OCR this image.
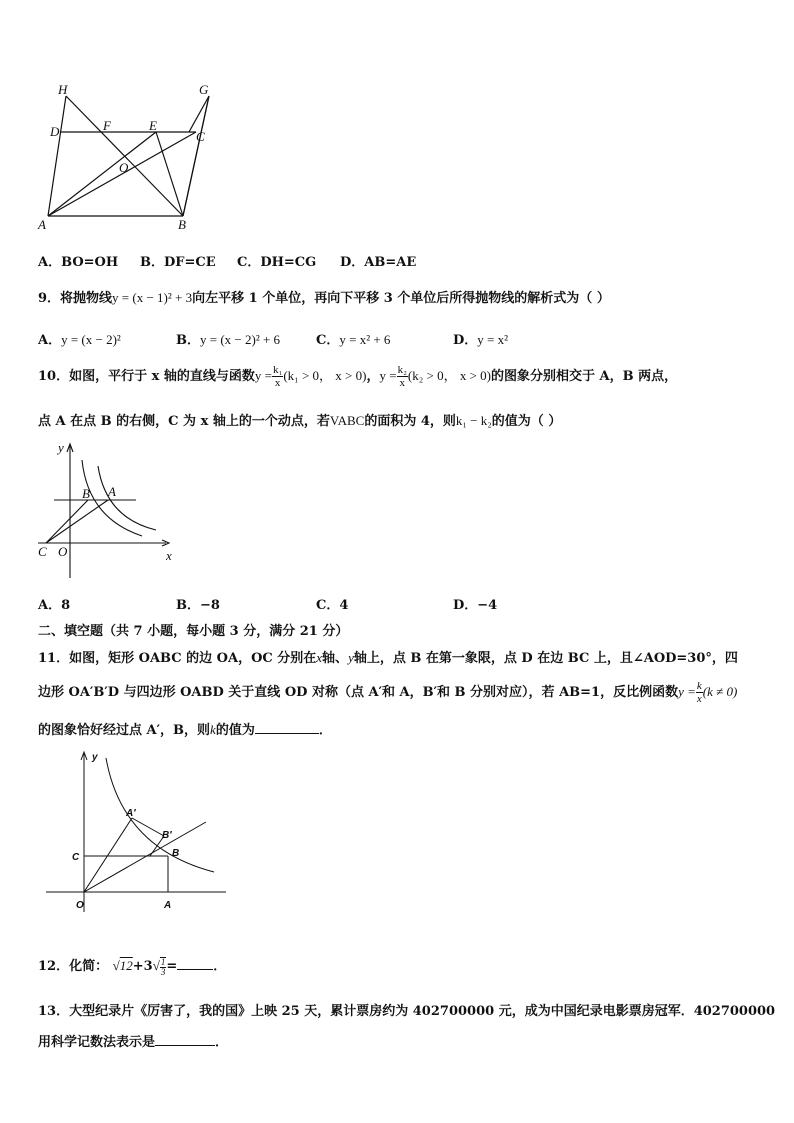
H	G
D	F	E
C
O
A	B
A．BO=OH B．DF=CE C．DH=CG D．AB=AE
9．将抛物线y = (x − 1)² + 3向左平移 1 个单位，再向下平移 3 个单位后所得抛物线的解析式为（ ）
A．y = (x − 2)²	B．y = (x − 2)² + 6	C．y = x² + 6	D．y = x²
10．如图，平行于 x 轴的直线与函数$y = \frac{\text{k₁}}{x} (k_1 > 0$， x > 0)，$y = \frac{\text{k₂}}{x} (k_2 > 0$， x > 0)的图象分别相交于 A，B 两点，
点 A 在点 B 的右侧，C 为 x 轴上的一个动点，若VABC的面积为 4，则k₁ − k₂的值为（ ）
y
B A
C O	x
A．8	B．−8	C．4	D．−4
二、填空题（共 7 小题，每小题 3 分，满分 21 分）
11．如图，矩形 OABC 的边 OA，OC 分别在x轴、y轴上，点 B 在第一象限，点 D 在边 BC 上，且∠AOD=30°，四
边形 OA′B′D 与四边形 OABD 关于直线 OD 对称（点 A′和 A，B′和 B 分别对应），若 AB=1，反比例函数$y = \frac{k}{x} (k \ne 0)$
的图象恰好经过点 A′，B，则k的值为	．
y
A′
B′
C	B
O	A
12．化简： $√12+3√ \frac{1}{3}$ =	．
13．大型纪录片《厉害了，我的国》上映 25 天，累计票房约为 402700000 元，成为中国纪录电影票房冠军．402700000
用科学记数法表示是	．
